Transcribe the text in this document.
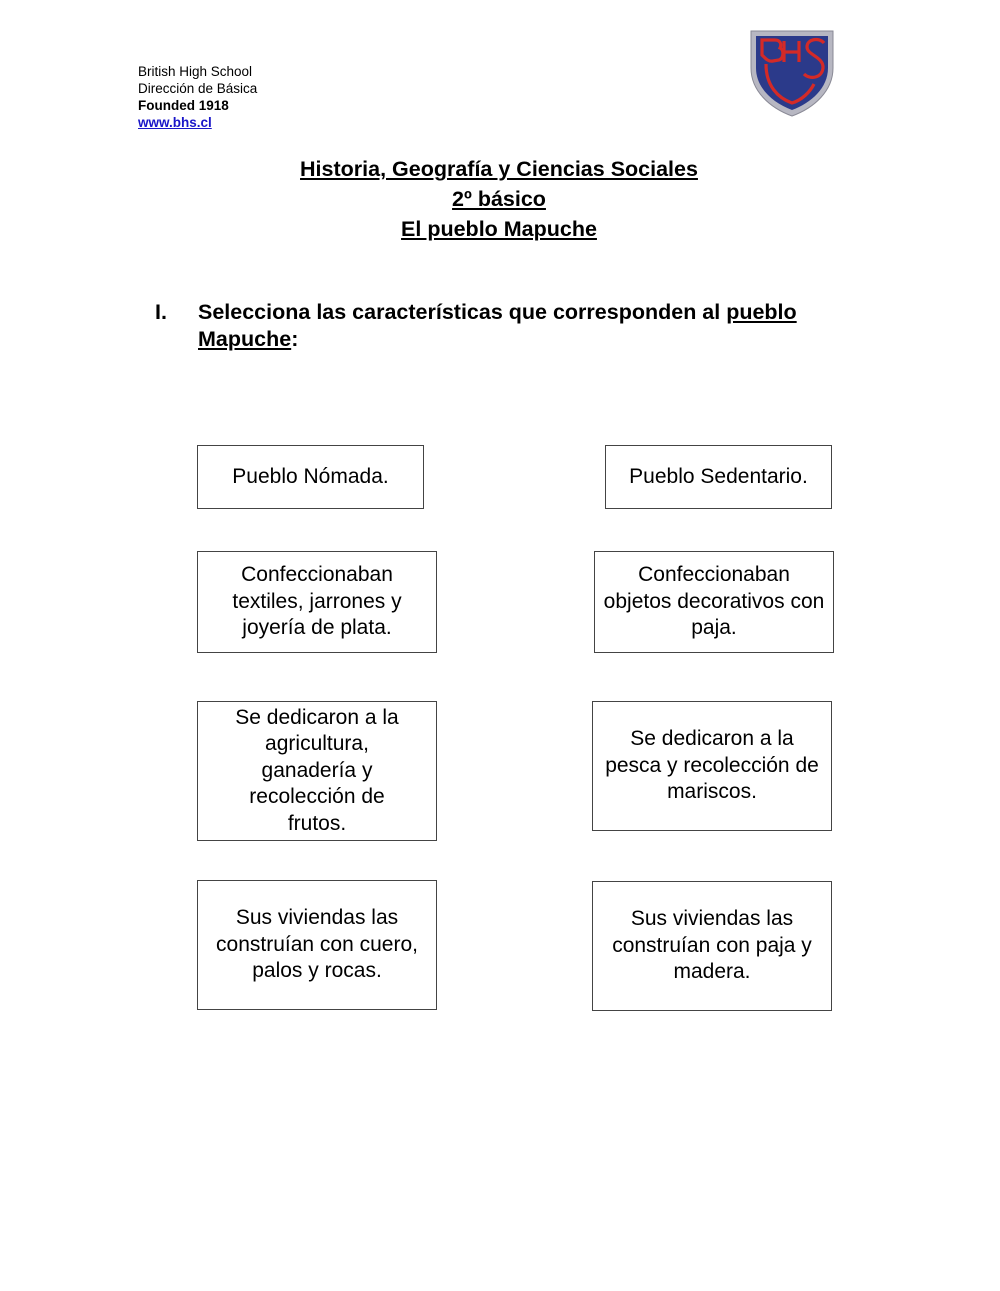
British High School
Dirección de Básica
Founded 1918
www.bhs.cl
Historia, Geografía y Ciencias Sociales
2º básico
El pueblo Mapuche
I. Selecciona las características que corresponden al pueblo Mapuche:
Pueblo Nómada.	Pueblo Sedentario.
Confeccionaban textiles, jarrones y joyería de plata.
Confeccionaban objetos decorativos con paja.
Se dedicaron a la agricultura, ganadería y recolección de frutos.
Se dedicaron a la pesca y recolección de mariscos.
Sus viviendas las construían con cuero, palos y rocas.
Sus viviendas las construían con paja y madera.
